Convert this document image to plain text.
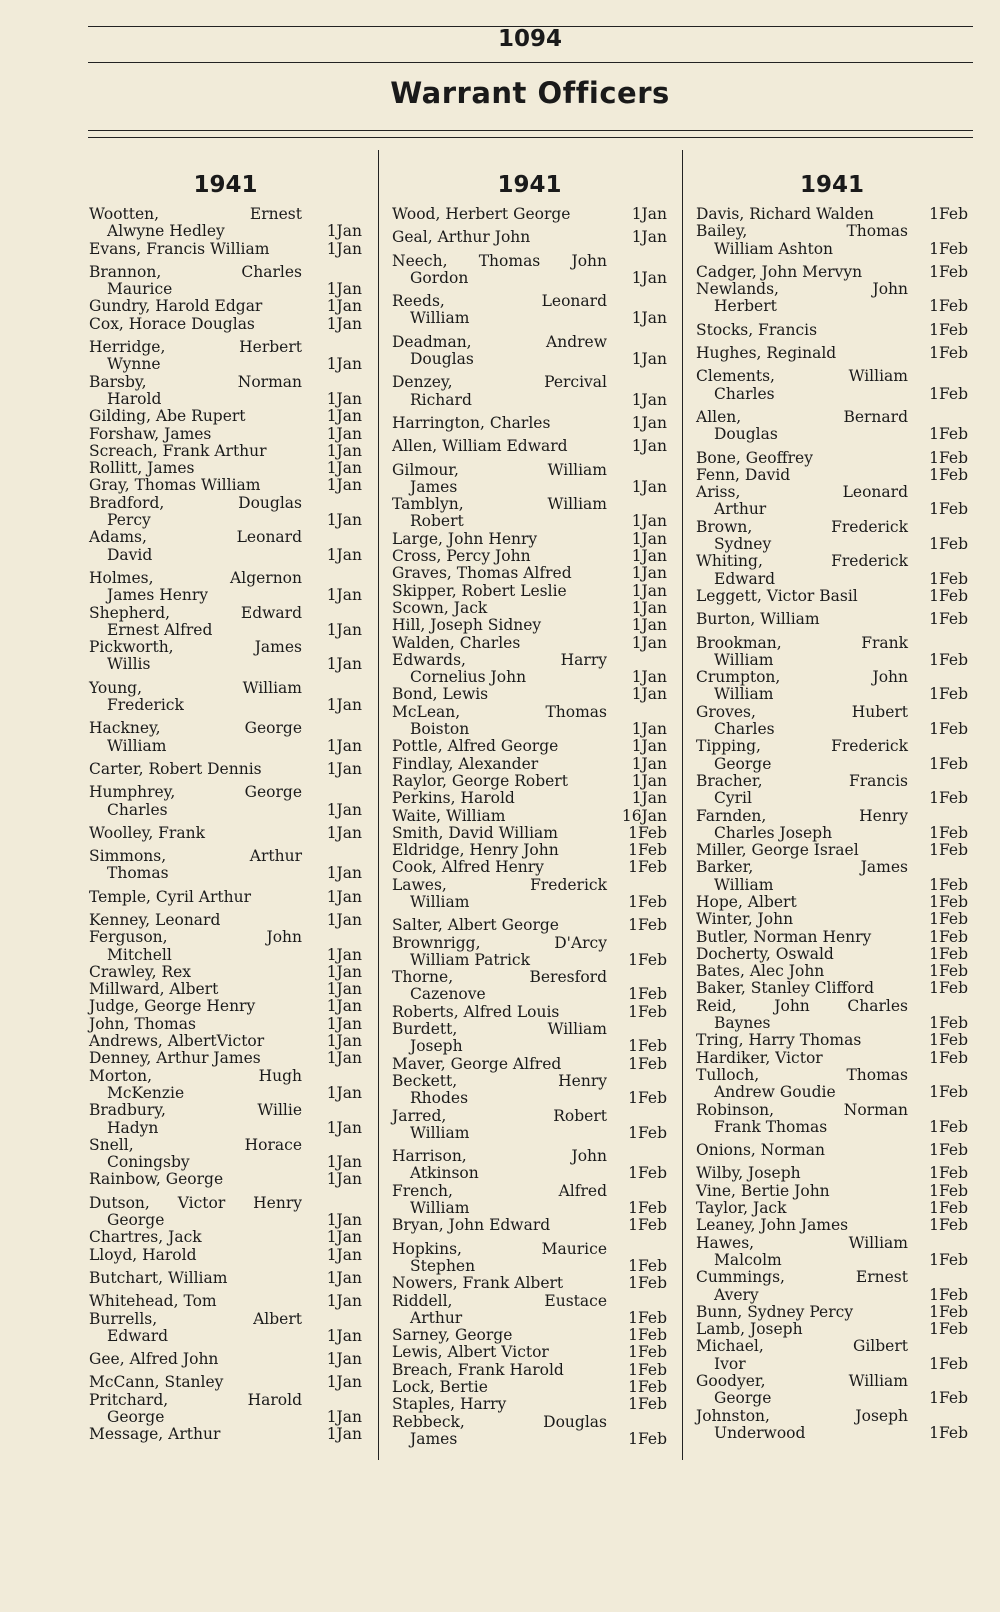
1094
Warrant Officers
1941
Wootten, Ernest
Alwyne Hedley	1Jan
Evans, Francis William	1Jan
Brannon, Charles
Maurice	1Jan
Gundry, Harold Edgar	1Jan
Cox, Horace Douglas	1Jan
Herridge, Herbert
Wynne	1Jan
Barsby, Norman
Harold	1Jan
Gilding, Abe Rupert	1Jan
Forshaw, James	1Jan
Screach, Frank Arthur	1Jan
Rollitt, James	1Jan
Gray, Thomas William	1Jan
Bradford, Douglas
Percy	1Jan
Adams, Leonard
David	1Jan
Holmes, Algernon
James Henry	1Jan
Shepherd, Edward
Ernest Alfred	1Jan
Pickworth, James
Willis	1Jan
Young, William
Frederick	1Jan
Hackney, George
William	1Jan
Carter, Robert Dennis	1Jan
Humphrey, George
Charles	1Jan
Woolley, Frank	1Jan
Simmons, Arthur
Thomas	1Jan
Temple, Cyril Arthur	1Jan
Kenney, Leonard	1Jan
Ferguson, John
Mitchell	1Jan
Crawley, Rex	1Jan
Millward, Albert	1Jan
Judge, George Henry	1Jan
John, Thomas	1Jan
Andrews, AlbertVictor	1Jan
Denney, Arthur James	1Jan
Morton, Hugh
McKenzie	1Jan
Bradbury, Willie
Hadyn	1Jan
Snell, Horace
Coningsby	1Jan
Rainbow, George	1Jan
Dutson, Victor Henry
George	1Jan
Chartres, Jack	1Jan
Lloyd, Harold	1Jan
Butchart, William	1Jan
Whitehead, Tom	1Jan
Burrells, Albert
Edward	1Jan
Gee, Alfred John	1Jan
McCann, Stanley	1Jan
Pritchard, Harold
George	1Jan
Message, Arthur	1Jan
1941
Wood, Herbert George	1Jan
Geal, Arthur John	1Jan
Neech, Thomas John
Gordon	1Jan
Reeds, Leonard
William	1Jan
Deadman, Andrew
Douglas	1Jan
Denzey, Percival
Richard	1Jan
Harrington, Charles	1Jan
Allen, William Edward	1Jan
Gilmour, William
James	1Jan
Tamblyn, William
Robert	1Jan
Large, John Henry	1Jan
Cross, Percy John	1Jan
Graves, Thomas Alfred	1Jan
Skipper, Robert Leslie	1Jan
Scown, Jack	1Jan
Hill, Joseph Sidney	1Jan
Walden, Charles	1Jan
Edwards, Harry
Cornelius John	1Jan
Bond, Lewis	1Jan
McLean, Thomas
Boiston	1Jan
Pottle, Alfred George	1Jan
Findlay, Alexander	1Jan
Raylor, George Robert	1Jan
Perkins, Harold	1Jan
Waite, William	16Jan
Smith, David William	1Feb
Eldridge, Henry John	1Feb
Cook, Alfred Henry	1Feb
Lawes, Frederick
William	1Feb
Salter, Albert George	1Feb
Brownrigg, D'Arcy
William Patrick	1Feb
Thorne, Beresford
Cazenove	1Feb
Roberts, Alfred Louis	1Feb
Burdett, William
Joseph	1Feb
Maver, George Alfred	1Feb
Beckett, Henry
Rhodes	1Feb
Jarred, Robert
William	1Feb
Harrison, John
Atkinson	1Feb
French, Alfred
William	1Feb
Bryan, John Edward	1Feb
Hopkins, Maurice
Stephen	1Feb
Nowers, Frank Albert	1Feb
Riddell, Eustace
Arthur	1Feb
Sarney, George	1Feb
Lewis, Albert Victor	1Feb
Breach, Frank Harold	1Feb
Lock, Bertie	1Feb
Staples, Harry	1Feb
Rebbeck, Douglas
James	1Feb
1941
Davis, Richard Walden	1Feb
Bailey, Thomas
William Ashton	1Feb
Cadger, John Mervyn	1Feb
Newlands, John
Herbert	1Feb
Stocks, Francis	1Feb
Hughes, Reginald	1Feb
Clements, William
Charles	1Feb
Allen, Bernard
Douglas	1Feb
Bone, Geoffrey	1Feb
Fenn, David	1Feb
Ariss, Leonard
Arthur	1Feb
Brown, Frederick
Sydney	1Feb
Whiting, Frederick
Edward	1Feb
Leggett, Victor Basil	1Feb
Burton, William	1Feb
Brookman, Frank
William	1Feb
Crumpton, John
William	1Feb
Groves, Hubert
Charles	1Feb
Tipping, Frederick
George	1Feb
Bracher, Francis
Cyril	1Feb
Farnden, Henry
Charles Joseph	1Feb
Miller, George Israel	1Feb
Barker, James
William	1Feb
Hope, Albert	1Feb
Winter, John	1Feb
Butler, Norman Henry	1Feb
Docherty, Oswald	1Feb
Bates, Alec John	1Feb
Baker, Stanley Clifford	1Feb
Reid, John Charles
Baynes	1Feb
Tring, Harry Thomas	1Feb
Hardiker, Victor	1Feb
Tulloch, Thomas
Andrew Goudie	1Feb
Robinson, Norman
Frank Thomas	1Feb
Onions, Norman	1Feb
Wilby, Joseph	1Feb
Vine, Bertie John	1Feb
Taylor, Jack	1Feb
Leaney, John James	1Feb
Hawes, William
Malcolm	1Feb
Cummings, Ernest
Avery	1Feb
Bunn, Sydney Percy	1Feb
Lamb, Joseph	1Feb
Michael, Gilbert
Ivor	1Feb
Goodyer, William
George	1Feb
Johnston, Joseph
Underwood	1Feb
